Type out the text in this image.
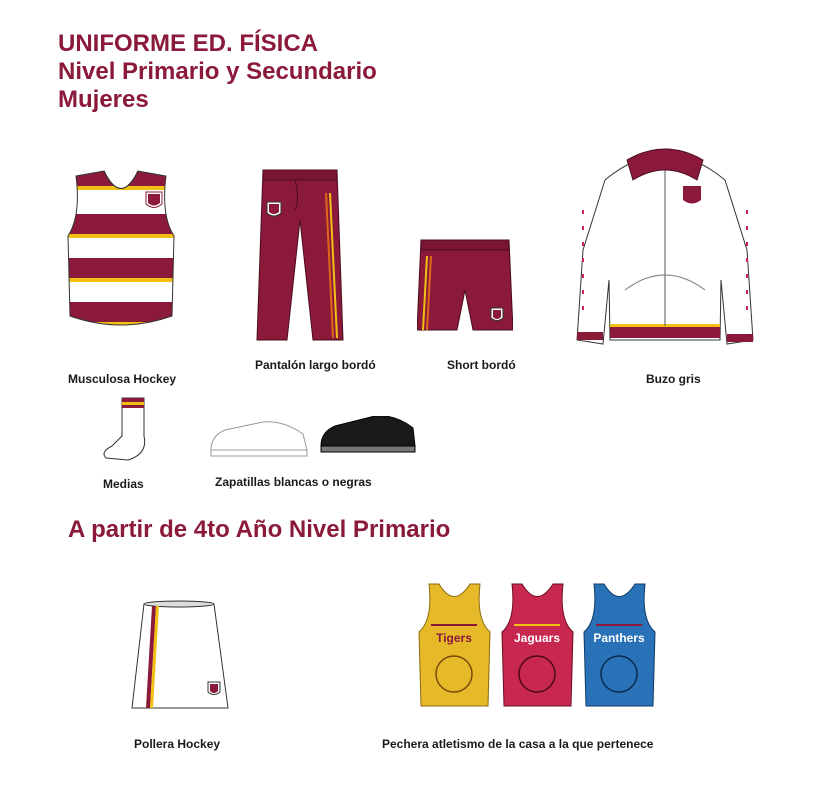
UNIFORME ED. FÍSICA
Nivel Primario y Secundario
Mujeres
Musculosa Hockey
Pantalón largo bordó	Short bordó
Buzo gris
Medias	Zapatillas blancas o negras
A partir de 4to Año Nivel Primario
Pollera Hockey
Tigers	Jaguars	Panthers
Pechera atletismo de la casa a la que pertenece
